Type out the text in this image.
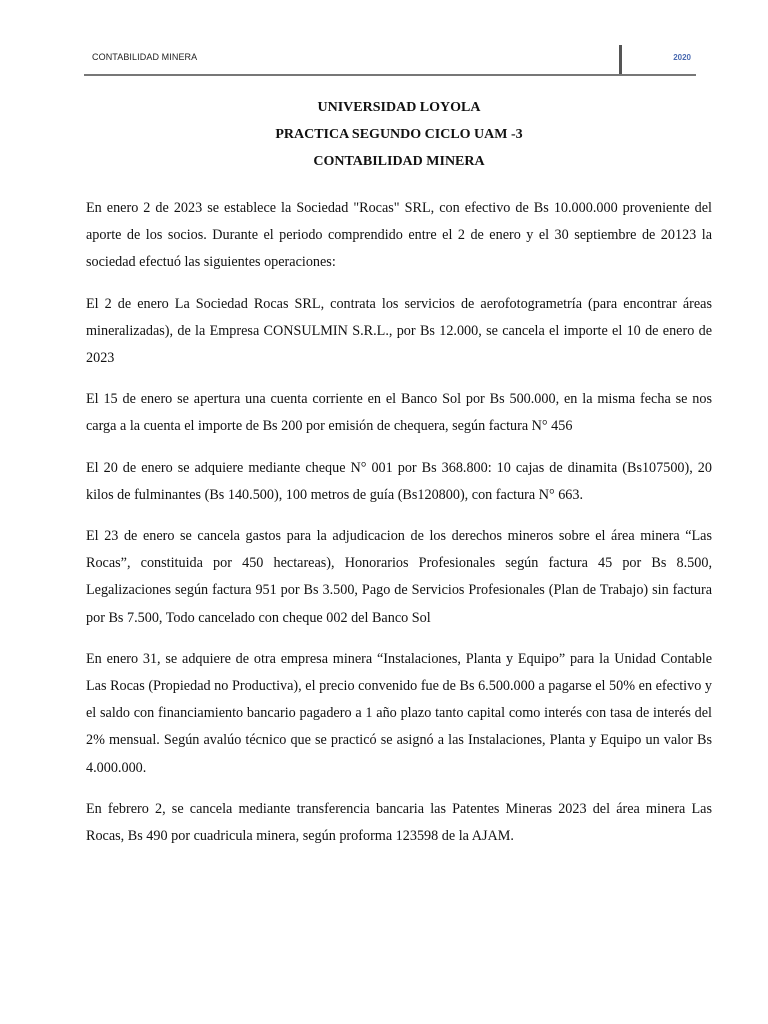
CONTABILIDAD MINERA	2020
UNIVERSIDAD LOYOLA
PRACTICA SEGUNDO CICLO UAM -3
CONTABILIDAD MINERA

En enero 2 de 2023 se establece la Sociedad "Rocas" SRL, con efectivo de Bs 10.000.000 proveniente del aporte de los socios. Durante el periodo comprendido entre el 2 de enero y el 30 septiembre de 20123 la sociedad efectuó las siguientes operaciones:

El 2 de enero La Sociedad Rocas SRL, contrata los servicios de aerofotogrametría (para encontrar áreas mineralizadas), de la Empresa CONSULMIN S.R.L., por Bs 12.000, se cancela el importe el 10 de enero de 2023

El 15 de enero se apertura una cuenta corriente en el Banco Sol por Bs 500.000, en la misma fecha se nos carga a la cuenta el importe de Bs 200 por emisión de chequera, según factura N° 456

El 20 de enero se adquiere mediante cheque N° 001 por Bs 368.800: 10 cajas de dinamita (Bs107500), 20 kilos de fulminantes (Bs 140.500), 100 metros de guía (Bs120800), con factura N° 663.

El 23 de enero se cancela gastos para la adjudicacion de los derechos mineros sobre el área minera “Las Rocas”, constituida por 450 hectareas), Honorarios Profesionales según factura 45 por Bs 8.500, Legalizaciones según factura 951 por Bs 3.500, Pago de Servicios Profesionales (Plan de Trabajo) sin factura por Bs 7.500, Todo cancelado con cheque 002 del Banco Sol

En enero 31, se adquiere de otra empresa minera “Instalaciones, Planta y Equipo” para la Unidad Contable Las Rocas (Propiedad no Productiva), el precio convenido fue de Bs 6.500.000 a pagarse el 50% en efectivo y el saldo con financiamiento bancario pagadero a 1 año plazo tanto capital como interés con tasa de interés del 2% mensual. Según avalúo técnico que se practicó se asignó a las Instalaciones, Planta y Equipo un valor Bs 4.000.000.

En febrero 2, se cancela mediante transferencia bancaria las Patentes Mineras 2023 del área minera Las Rocas, Bs 490 por cuadricula minera, según proforma 123598 de la AJAM.
